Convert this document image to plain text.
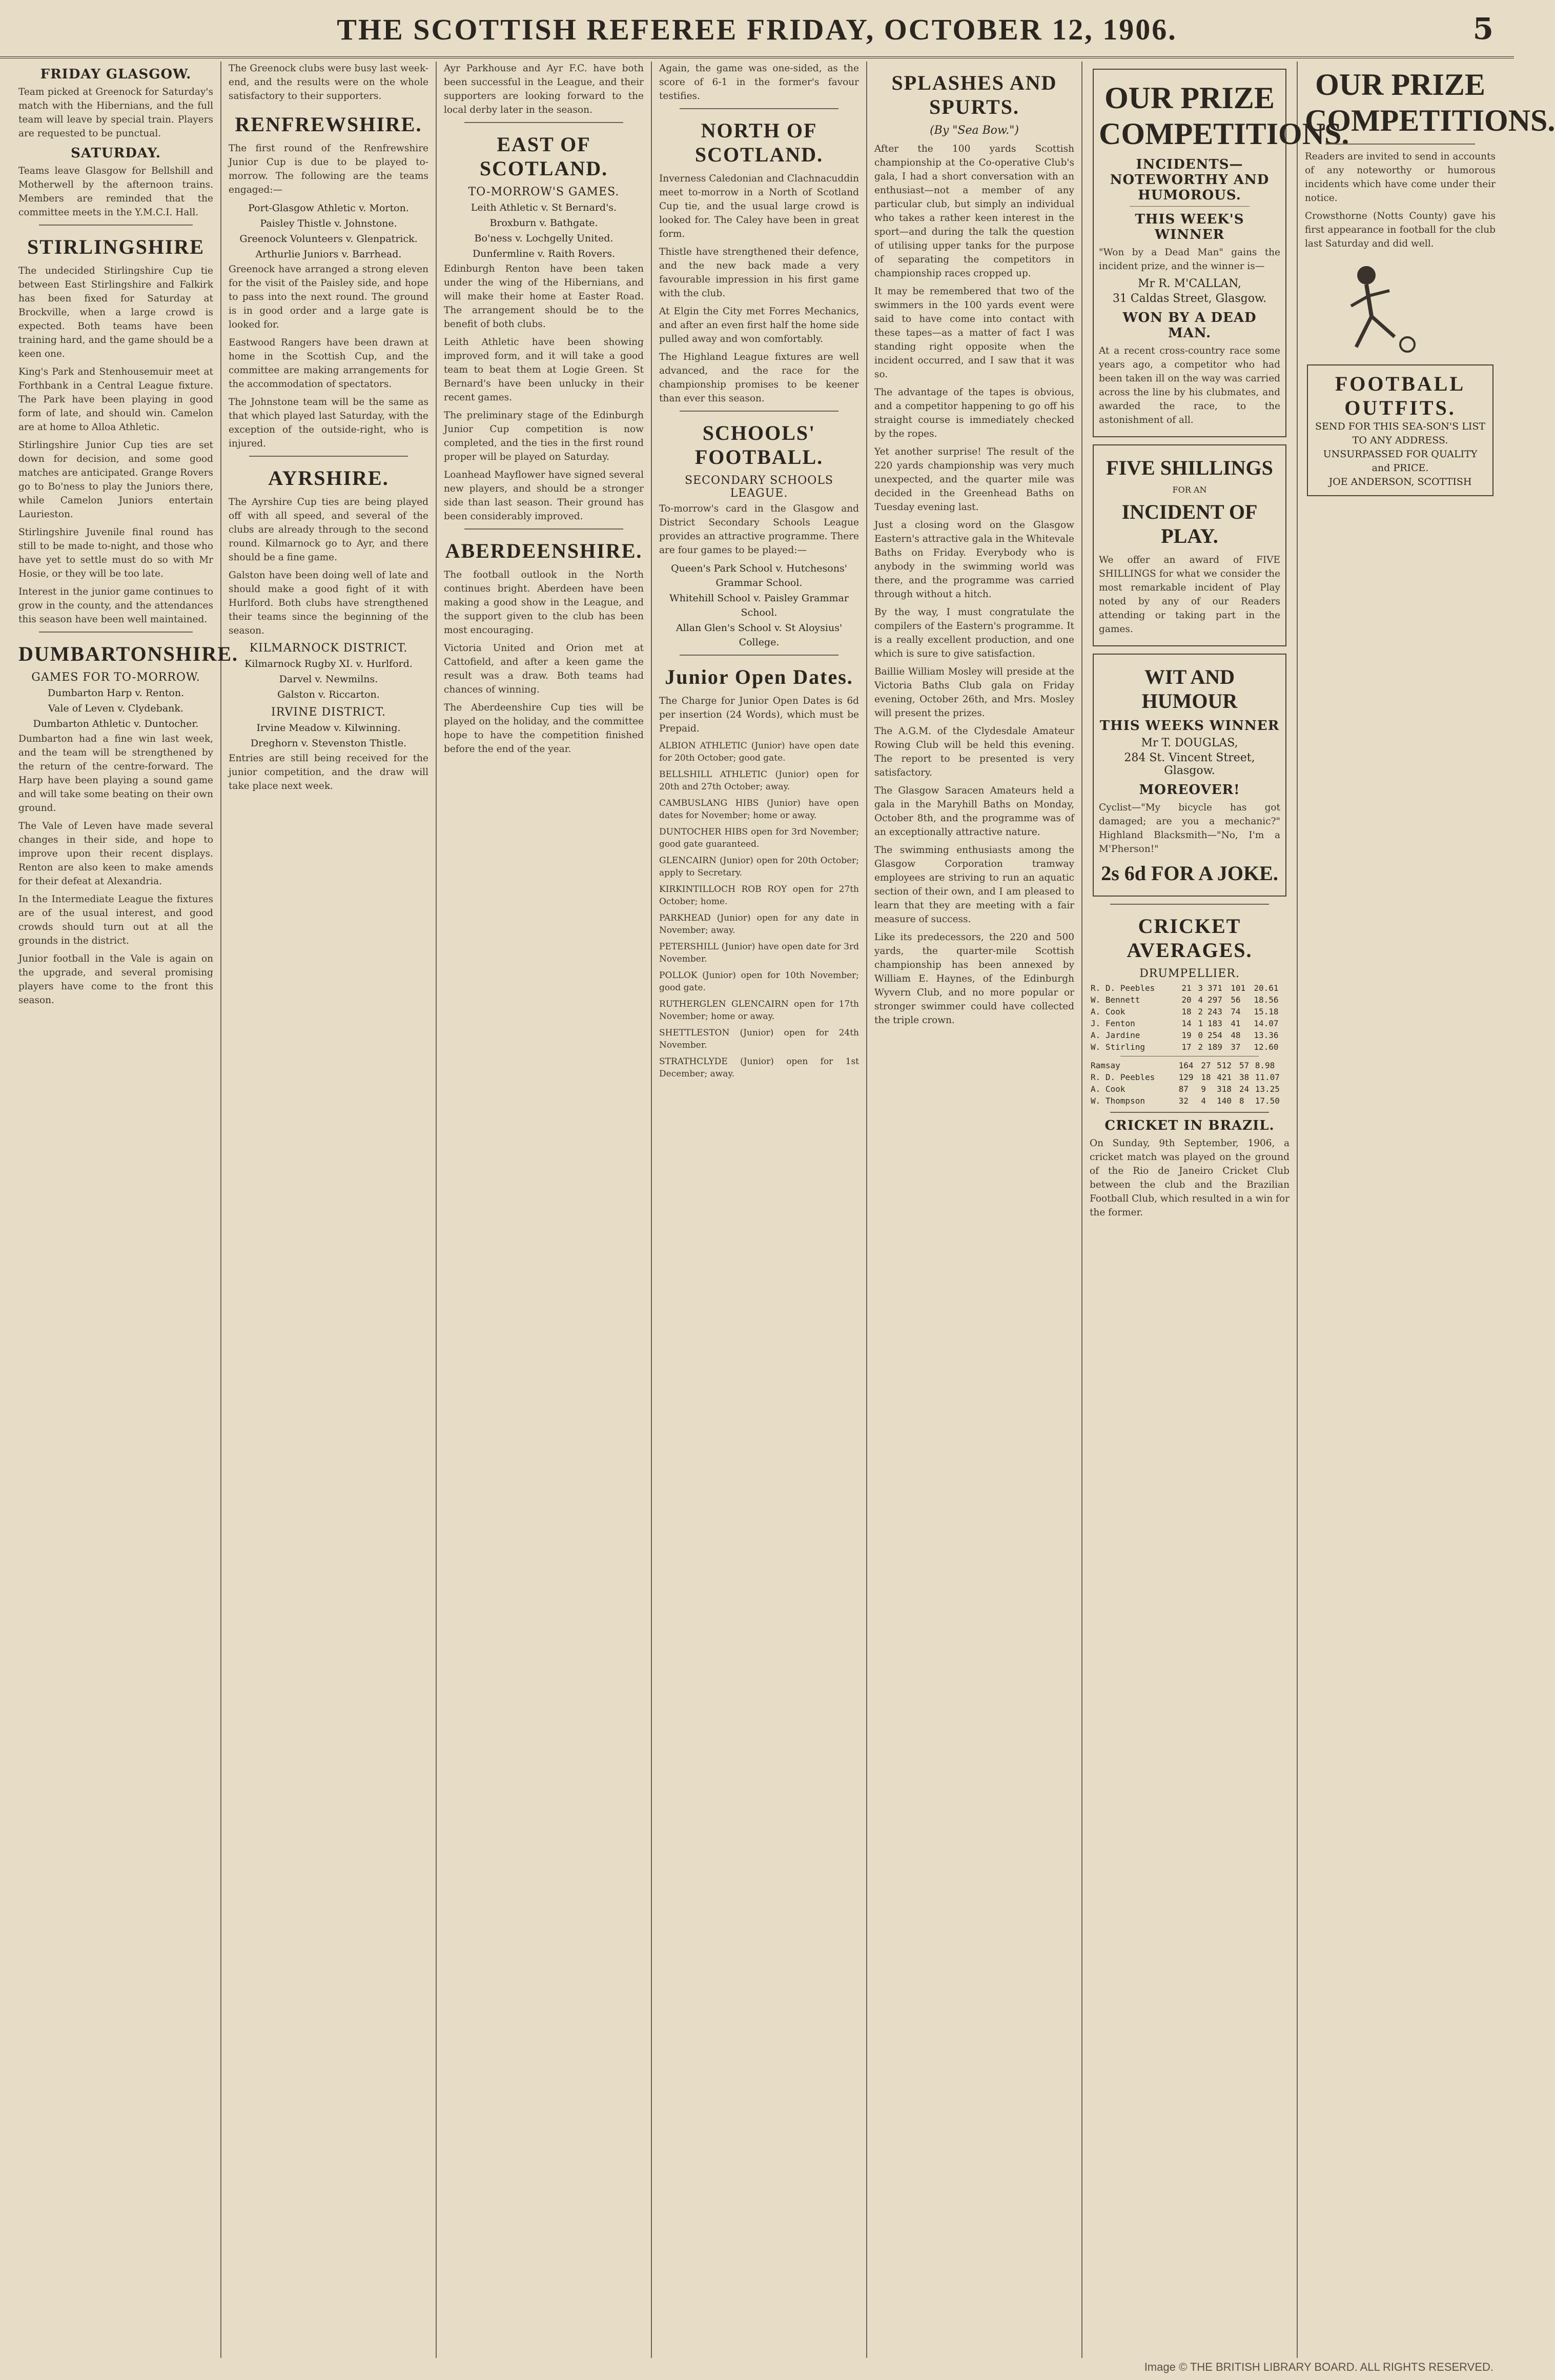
THE SCOTTISH REFEREE FRIDAY, OCTOBER 12, 1906.	5
FRIDAY GLASGOW.

Team picked at Greenock for Saturday's match with the Hibernians, and the full team will leave by special train. Players are requested to be punctual.

SATURDAY.

Teams leave Glasgow for Bellshill and Motherwell by the afternoon trains. Members are reminded that the committee meets in the Y.M.C.I. Hall.

STIRLINGSHIRE

The undecided Stirlingshire Cup tie between East Stirlingshire and Falkirk has been fixed for Saturday at Brockville, when a large crowd is expected. Both teams have been training hard, and the game should be a keen one.

King's Park and Stenhousemuir meet at Forthbank in a Central League fixture. The Park have been playing in good form of late, and should win. Camelon are at home to Alloa Athletic.

Stirlingshire Junior Cup ties are set down for decision, and some good matches are anticipated. Grange Rovers go to Bo'ness to play the Juniors there, while Camelon Juniors entertain Laurieston.

Stirlingshire Juvenile final round has still to be made to-night, and those who have yet to settle must do so with Mr Hosie, or they will be too late.

Interest in the junior game continues to grow in the county, and the attendances this season have been well maintained.

DUMBARTONSHIRE.
GAMES FOR TO-MORROW.
Dumbarton Harp v. Renton.
Vale of Leven v. Clydebank.
Dumbarton Athletic v. Duntocher.

Dumbarton had a fine win last week, and the team will be strengthened by the return of the centre-forward. The Harp have been playing a sound game and will take some beating on their own ground.

The Vale of Leven have made several changes in their side, and hope to improve upon their recent displays. Renton are also keen to make amends for their defeat at Alexandria.

In the Intermediate League the fixtures are of the usual interest, and good crowds should turn out at all the grounds in the district.

Junior football in the Vale is again on the upgrade, and several promising players have come to the front this season.

The Greenock clubs were busy last week-end, and the results were on the whole satisfactory to their supporters.

RENFREWSHIRE.

The first round of the Renfrewshire Junior Cup is due to be played to-morrow. The following are the teams engaged:—

Port-Glasgow Athletic v. Morton.
Paisley Thistle v. Johnstone.
Greenock Volunteers v. Glenpatrick.
Arthurlie Juniors v. Barrhead.

Greenock have arranged a strong eleven for the visit of the Paisley side, and hope to pass into the next round. The ground is in good order and a large gate is looked for.

Eastwood Rangers have been drawn at home in the Scottish Cup, and the committee are making arrangements for the accommodation of spectators.

The Johnstone team will be the same as that which played last Saturday, with the exception of the outside-right, who is injured.

AYRSHIRE.

The Ayrshire Cup ties are being played off with all speed, and several of the clubs are already through to the second round. Kilmarnock go to Ayr, and there should be a fine game.

Galston have been doing well of late and should make a good fight of it with Hurlford. Both clubs have strengthened their teams since the beginning of the season.

KILMARNOCK DISTRICT.
Kilmarnock Rugby XI. v. Hurlford.
Darvel v. Newmilns.
Galston v. Riccarton.
IRVINE DISTRICT.
Irvine Meadow v. Kilwinning.
Dreghorn v. Stevenston Thistle.

Entries are still being received for the junior competition, and the draw will take place next week.

Ayr Parkhouse and Ayr F.C. have both been successful in the League, and their supporters are looking forward to the local derby later in the season.

EAST OF SCOTLAND.
TO-MORROW'S GAMES.
Leith Athletic v. St Bernard's.
Broxburn v. Bathgate.
Bo'ness v. Lochgelly United.
Dunfermline v. Raith Rovers.

Edinburgh Renton have been taken under the wing of the Hibernians, and will make their home at Easter Road. The arrangement should be to the benefit of both clubs.

Leith Athletic have been showing improved form, and it will take a good team to beat them at Logie Green. St Bernard's have been unlucky in their recent games.

The preliminary stage of the Edinburgh Junior Cup competition is now completed, and the ties in the first round proper will be played on Saturday.

Loanhead Mayflower have signed several new players, and should be a stronger side than last season. Their ground has been considerably improved.

ABERDEENSHIRE.

The football outlook in the North continues bright. Aberdeen have been making a good show in the League, and the support given to the club has been most encouraging.

Victoria United and Orion met at Cattofield, and after a keen game the result was a draw. Both teams had chances of winning.

The Aberdeenshire Cup ties will be played on the holiday, and the committee hope to have the competition finished before the end of the year.

Again, the game was one-sided, as the score of 6-1 in the former's favour testifies.

NORTH OF SCOTLAND.

Inverness Caledonian and Clachnacuddin meet to-morrow in a North of Scotland Cup tie, and the usual large crowd is looked for. The Caley have been in great form.

Thistle have strengthened their defence, and the new back made a very favourable impression in his first game with the club.

At Elgin the City met Forres Mechanics, and after an even first half the home side pulled away and won comfortably.

The Highland League fixtures are well advanced, and the race for the championship promises to be keener than ever this season.

SCHOOLS' FOOTBALL.
SECONDARY SCHOOLS LEAGUE.

To-morrow's card in the Glasgow and District Secondary Schools League provides an attractive programme. There are four games to be played:—

Queen's Park School v. Hutchesons' Grammar School.
Whitehill School v. Paisley Grammar School.
Allan Glen's School v. St Aloysius' College.
Junior Open Dates.

The Charge for Junior Open Dates is 6d per insertion (24 Words), which must be Prepaid.

ALBION ATHLETIC (Junior) have open date for 20th October; good gate.

BELLSHILL ATHLETIC (Junior) open for 20th and 27th October; away.

CAMBUSLANG HIBS (Junior) have open dates for November; home or away.

DUNTOCHER HIBS open for 3rd November; good gate guaranteed.

GLENCAIRN (Junior) open for 20th October; apply to Secretary.

KIRKINTILLOCH ROB ROY open for 27th October; home.

PARKHEAD (Junior) open for any date in November; away.

PETERSHILL (Junior) have open date for 3rd November.

POLLOK (Junior) open for 10th November; good gate.

RUTHERGLEN GLENCAIRN open for 17th November; home or away.

SHETTLESTON (Junior) open for 24th November.

STRATHCLYDE (Junior) open for 1st December; away.

SPLASHES AND SPURTS.
(By "Sea Bow.")

After the 100 yards Scottish championship at the Co-operative Club's gala, I had a short conversation with an enthusiast—not a member of any particular club, but simply an individual who takes a rather keen interest in the sport—and during the talk the question of utilising upper tanks for the purpose of separating the competitors in championship races cropped up.

It may be remembered that two of the swimmers in the 100 yards event were said to have come into contact with these tapes—as a matter of fact I was standing right opposite when the incident occurred, and I saw that it was so.

The advantage of the tapes is obvious, and a competitor happening to go off his straight course is immediately checked by the ropes.

Yet another surprise! The result of the 220 yards championship was very much unexpected, and the quarter mile was decided in the Greenhead Baths on Tuesday evening last.

Just a closing word on the Glasgow Eastern's attractive gala in the Whitevale Baths on Friday. Everybody who is anybody in the swimming world was there, and the programme was carried through without a hitch.

By the way, I must congratulate the compilers of the Eastern's programme. It is a really excellent production, and one which is sure to give satisfaction.

Baillie William Mosley will preside at the Victoria Baths Club gala on Friday evening, October 26th, and Mrs. Mosley will present the prizes.

The A.G.M. of the Clydesdale Amateur Rowing Club will be held this evening. The report to be presented is very satisfactory.

The Glasgow Saracen Amateurs held a gala in the Maryhill Baths on Monday, October 8th, and the programme was of an exceptionally attractive nature.

The swimming enthusiasts among the Glasgow Corporation tramway employees are striving to run an aquatic section of their own, and I am pleased to learn that they are meeting with a fair measure of success.

Like its predecessors, the 220 and 500 yards, the quarter-mile Scottish championship has been annexed by William E. Haynes, of the Edinburgh Wyvern Club, and no more popular or stronger swimmer could have collected the triple crown.

OUR PRIZE COMPETITIONS.
INCIDENTS—NOTEWORTHY AND HUMOROUS.
THIS WEEK'S WINNER

"Won by a Dead Man" gains the incident prize, and the winner is—

Mr R. M'CALLAN,
31 Caldas Street, Glasgow.
WON BY A DEAD MAN.

At a recent cross-country race some years ago, a competitor who had been taken ill on the way was carried across the line by his clubmates, and awarded the race, to the astonishment of all.

FIVE SHILLINGS
FOR AN
INCIDENT OF PLAY.

We offer an award of FIVE SHILLINGS for what we consider the most remarkable incident of Play noted by any of our Readers attending or taking part in the games.

WIT AND HUMOUR
THIS WEEKS WINNER
Mr T. DOUGLAS,
284 St. Vincent Street, Glasgow.
MOREOVER!

Cyclist—"My bicycle has got damaged; are you a mechanic?" Highland Blacksmith—"No, I'm a M'Pherson!"

2s 6d FOR A JOKE.
CRICKET AVERAGES.
DRUMPELLIER.
R. D. Peebles	21	3	371	101	20.61
W. Bennett	20	4	297	56	18.56
A. Cook	18	2	243	74	15.18
J. Fenton	14	1	183	41	14.07
A. Jardine	19	0	254	48	13.36
W. Stirling	17	2	189	37	12.60
Ramsay	164	27	512	57	8.98
R. D. Peebles	129	18	421	38	11.07
A. Cook	87	9	318	24	13.25
W. Thompson	32	4	140	8	17.50
CRICKET IN BRAZIL.

On Sunday, 9th September, 1906, a cricket match was played on the ground of the Rio de Janeiro Cricket Club between the club and the Brazilian Football Club, which resulted in a win for the former.

OUR PRIZE COMPETITIONS.

Readers are invited to send in accounts of any noteworthy or humorous incidents which have come under their notice.

Crowsthorne (Notts County) gave his first appearance in football for the club last Saturday and did well.

FOOTBALL OUTFITS.
SEND FOR THIS SEA-SON'S LIST TO ANY ADDRESS.
UNSURPASSED FOR QUALITY and PRICE.
JOE ANDERSON, SCOTTISH
Image © THE BRITISH LIBRARY BOARD. ALL RIGHTS RESERVED.
